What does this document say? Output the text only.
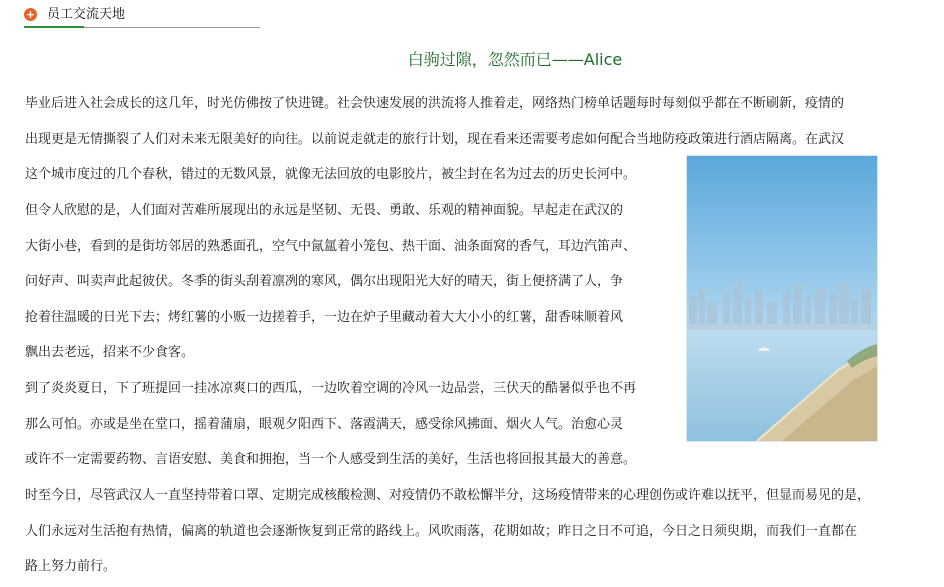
+ 员工交流天地
白驹过隙，忽然而已——Alice

毕业后进入社会成长的这几年，时光仿佛按了快进键。社会快速发展的洪流将人推着走，网络热门榜单话题每时每刻似乎都在不断刷新，疫情的
出现更是无情撕裂了人们对未来无限美好的向往。以前说走就走的旅行计划，现在看来还需要考虑如何配合当地防疫政策进行酒店隔离。在武汉
这个城市度过的几个春秋，错过的无数风景，就像无法回放的电影胶片，被尘封在名为过去的历史长河中。

但令人欣慰的是，人们面对苦难所展现出的永远是坚韧、无畏、勇敢、乐观的精神面貌。早起走在武汉的
大街小巷，看到的是街坊邻居的熟悉面孔，空气中氤氲着小笼包、热干面、油条面窝的香气，耳边汽笛声、
问好声、叫卖声此起彼伏。冬季的街头刮着凛冽的寒风，偶尔出现阳光大好的晴天，街上便挤满了人，争
抢着往温暖的日光下去；烤红薯的小贩一边搓着手，一边在炉子里藏动着大大小小的红薯，甜香味顺着风
飘出去老远，招来不少食客。

到了炎炎夏日，下了班提回一挂冰凉爽口的西瓜，一边吹着空调的冷风一边品尝，三伏天的酷暑似乎也不再
那么可怕。亦或是坐在堂口，摇着蒲扇，眼观夕阳西下、落霞满天，感受徐风拂面、烟火人气。治愈心灵
或许不一定需要药物、言语安慰、美食和拥抱，当一个人感受到生活的美好，生活也将回报其最大的善意。

时至今日，尽管武汉人一直坚持带着口罩、定期完成核酸检测、对疫情仍不敢松懈半分，这场疫情带来的心理创伤或许难以抚平，但显而易见的是，
人们永远对生活抱有热情，偏离的轨道也会逐渐恢复到正常的路线上。风吹雨落，花期如故；昨日之日不可追，今日之日须臾期，而我们一直都在
路上努力前行。
